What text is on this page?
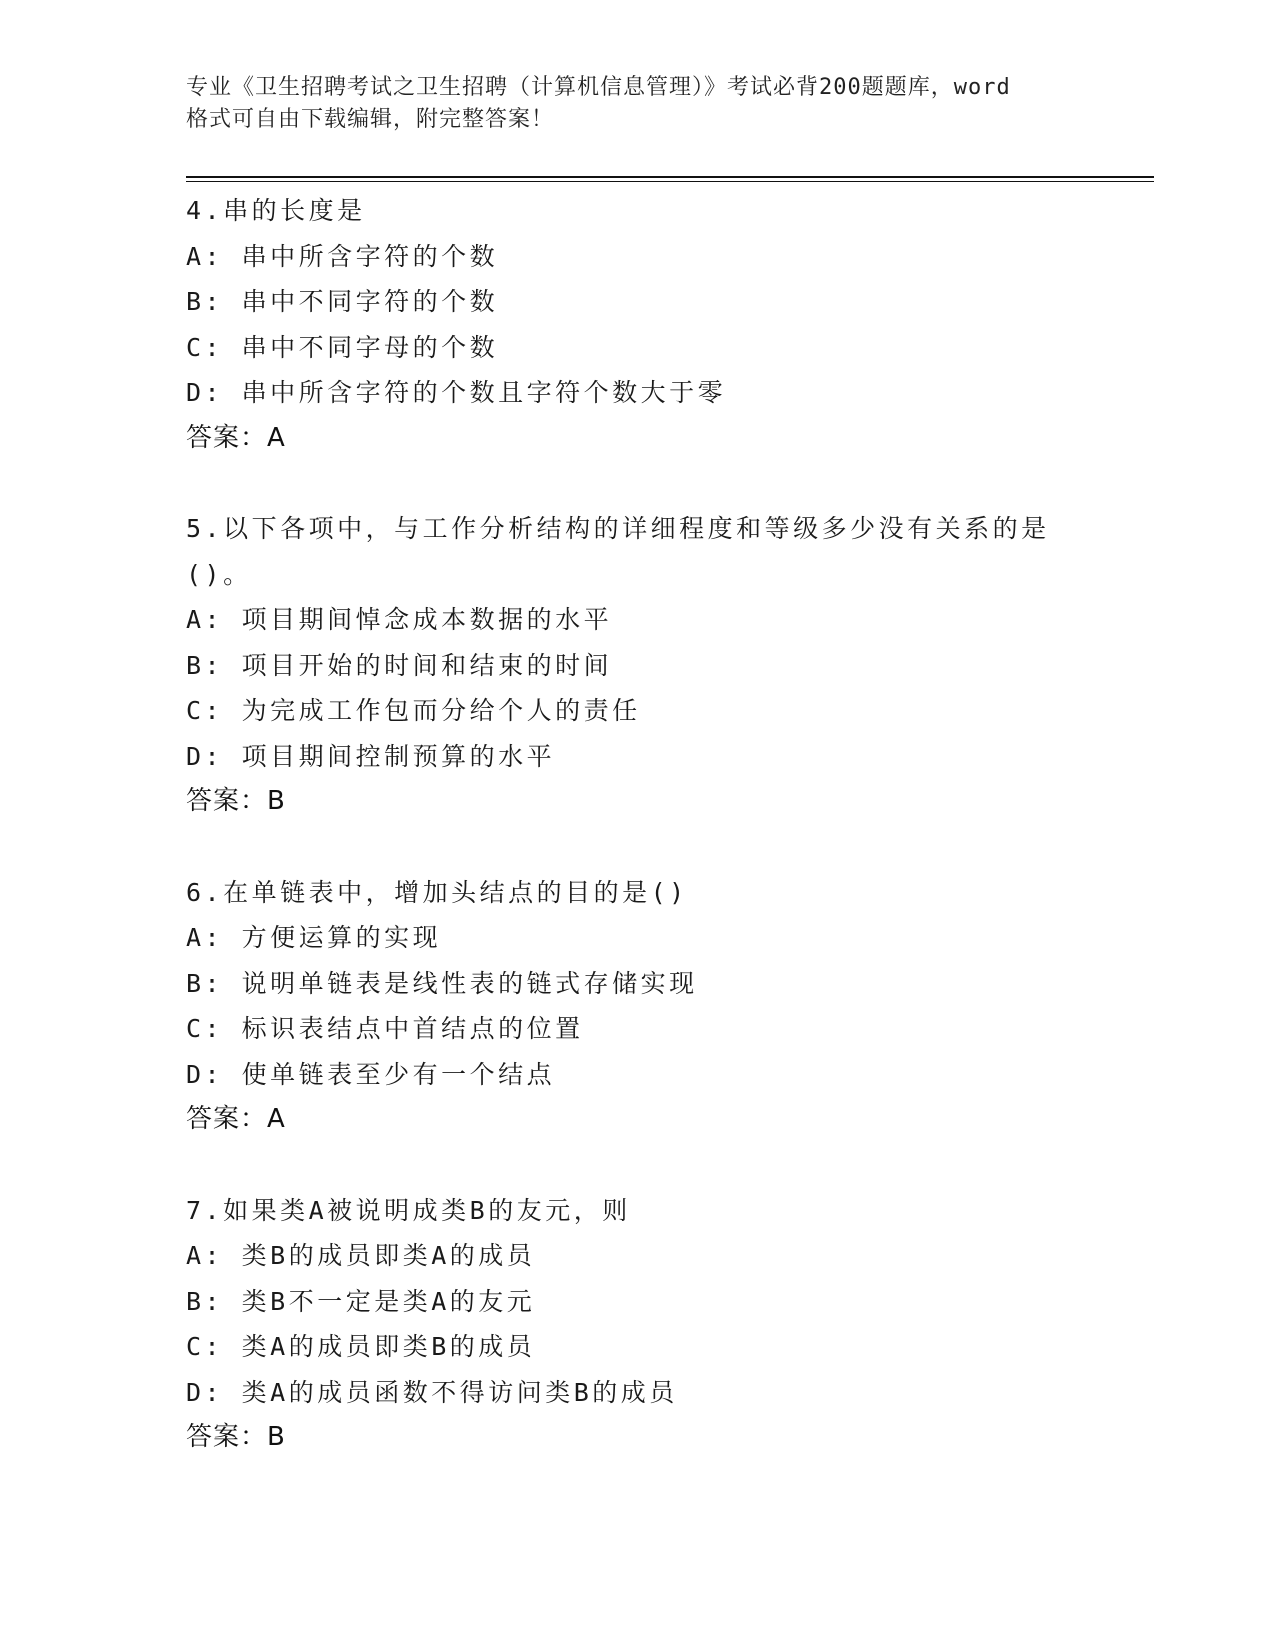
专业《卫生招聘考试之卫生招聘（计算机信息管理）》考试必背200题题库，word
格式可自由下载编辑，附完整答案！
4.串的长度是
A: 串中所含字符的个数
B: 串中不同字符的个数
C: 串中不同字母的个数
D: 串中所含字符的个数且字符个数大于零
答案：A
5.以下各项中，与工作分析结构的详细程度和等级多少没有关系的是
()。
A: 项目期间悼念成本数据的水平
B: 项目开始的时间和结束的时间
C: 为完成工作包而分给个人的责任
D: 项目期间控制预算的水平
答案：B
6.在单链表中，增加头结点的目的是()
A: 方便运算的实现
B: 说明单链表是线性表的链式存储实现
C: 标识表结点中首结点的位置
D: 使单链表至少有一个结点
答案：A
7.如果类A被说明成类B的友元，则
A: 类B的成员即类A的成员
B: 类B不一定是类A的友元
C: 类A的成员即类B的成员
D: 类A的成员函数不得访问类B的成员
答案：B
